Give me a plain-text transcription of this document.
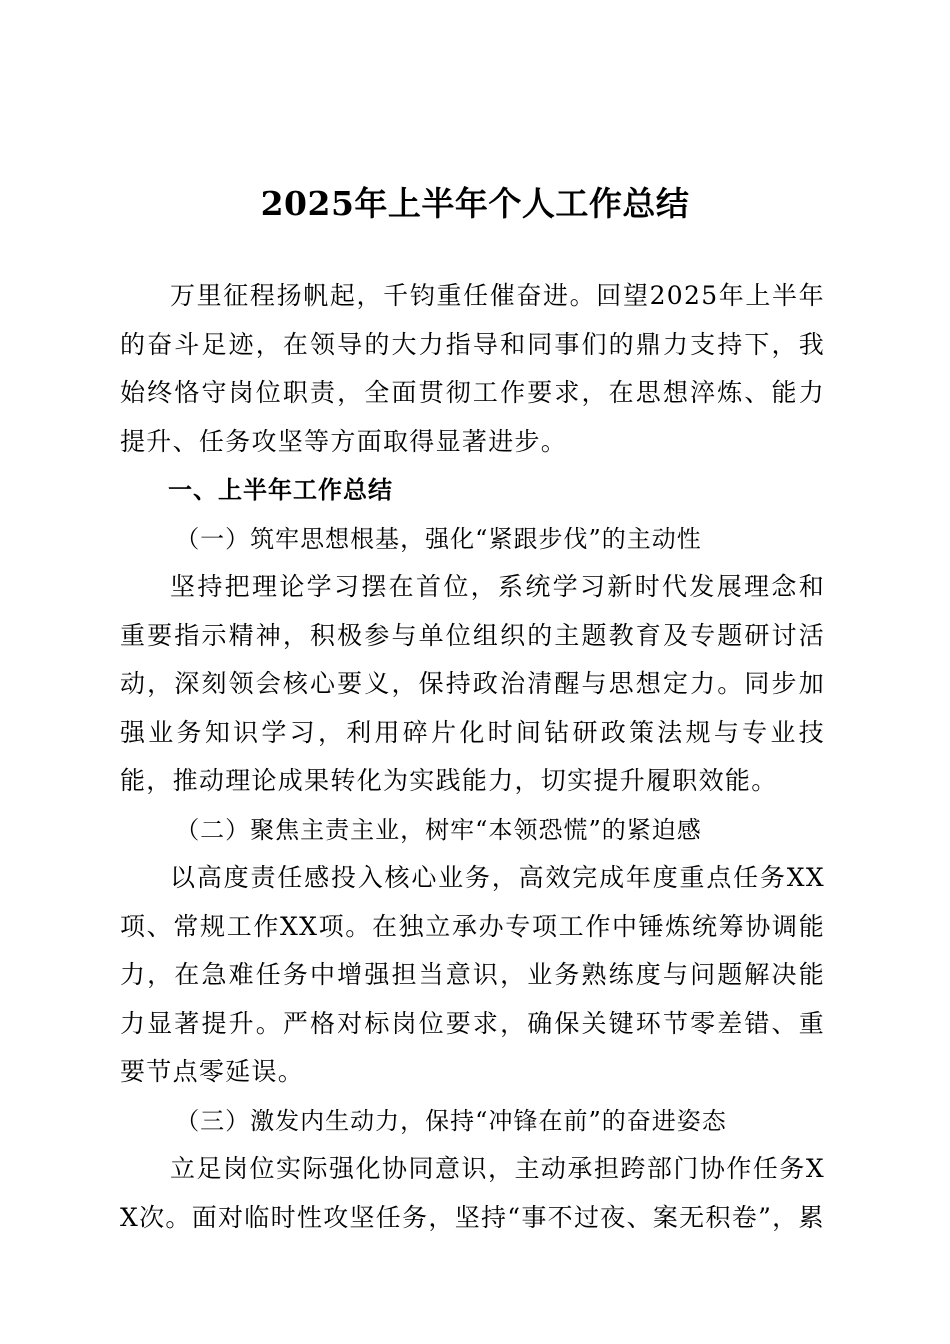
2025年上半年个人工作总结

万里征程扬帆起，千钧重任催奋进。回望2025年上半年的奋斗足迹，在领导的大力指导和同事们的鼎力支持下，我始终恪守岗位职责，全面贯彻工作要求，在思想淬炼、能力提升、任务攻坚等方面取得显著进步。

一、上半年工作总结

（一）筑牢思想根基，强化“紧跟步伐”的主动性

坚持把理论学习摆在首位，系统学习新时代发展理念和重要指示精神，积极参与单位组织的主题教育及专题研讨活动，深刻领会核心要义，保持政治清醒与思想定力。同步加强业务知识学习，利用碎片化时间钻研政策法规与专业技能，推动理论成果转化为实践能力，切实提升履职效能。

（二）聚焦主责主业，树牢“本领恐慌”的紧迫感

以高度责任感投入核心业务，高效完成年度重点任务XX项、常规工作XX项。在独立承办专项工作中锤炼统筹协调能力，在急难任务中增强担当意识，业务熟练度与问题解决能力显著提升。严格对标岗位要求，确保关键环节零差错、重要节点零延误。

（三）激发内生动力，保持“冲锋在前”的奋进姿态

立足岗位实际强化协同意识，主动承担跨部门协作任务XX次。面对临时性攻坚任务，坚持“事不过夜、案无积卷”，累
